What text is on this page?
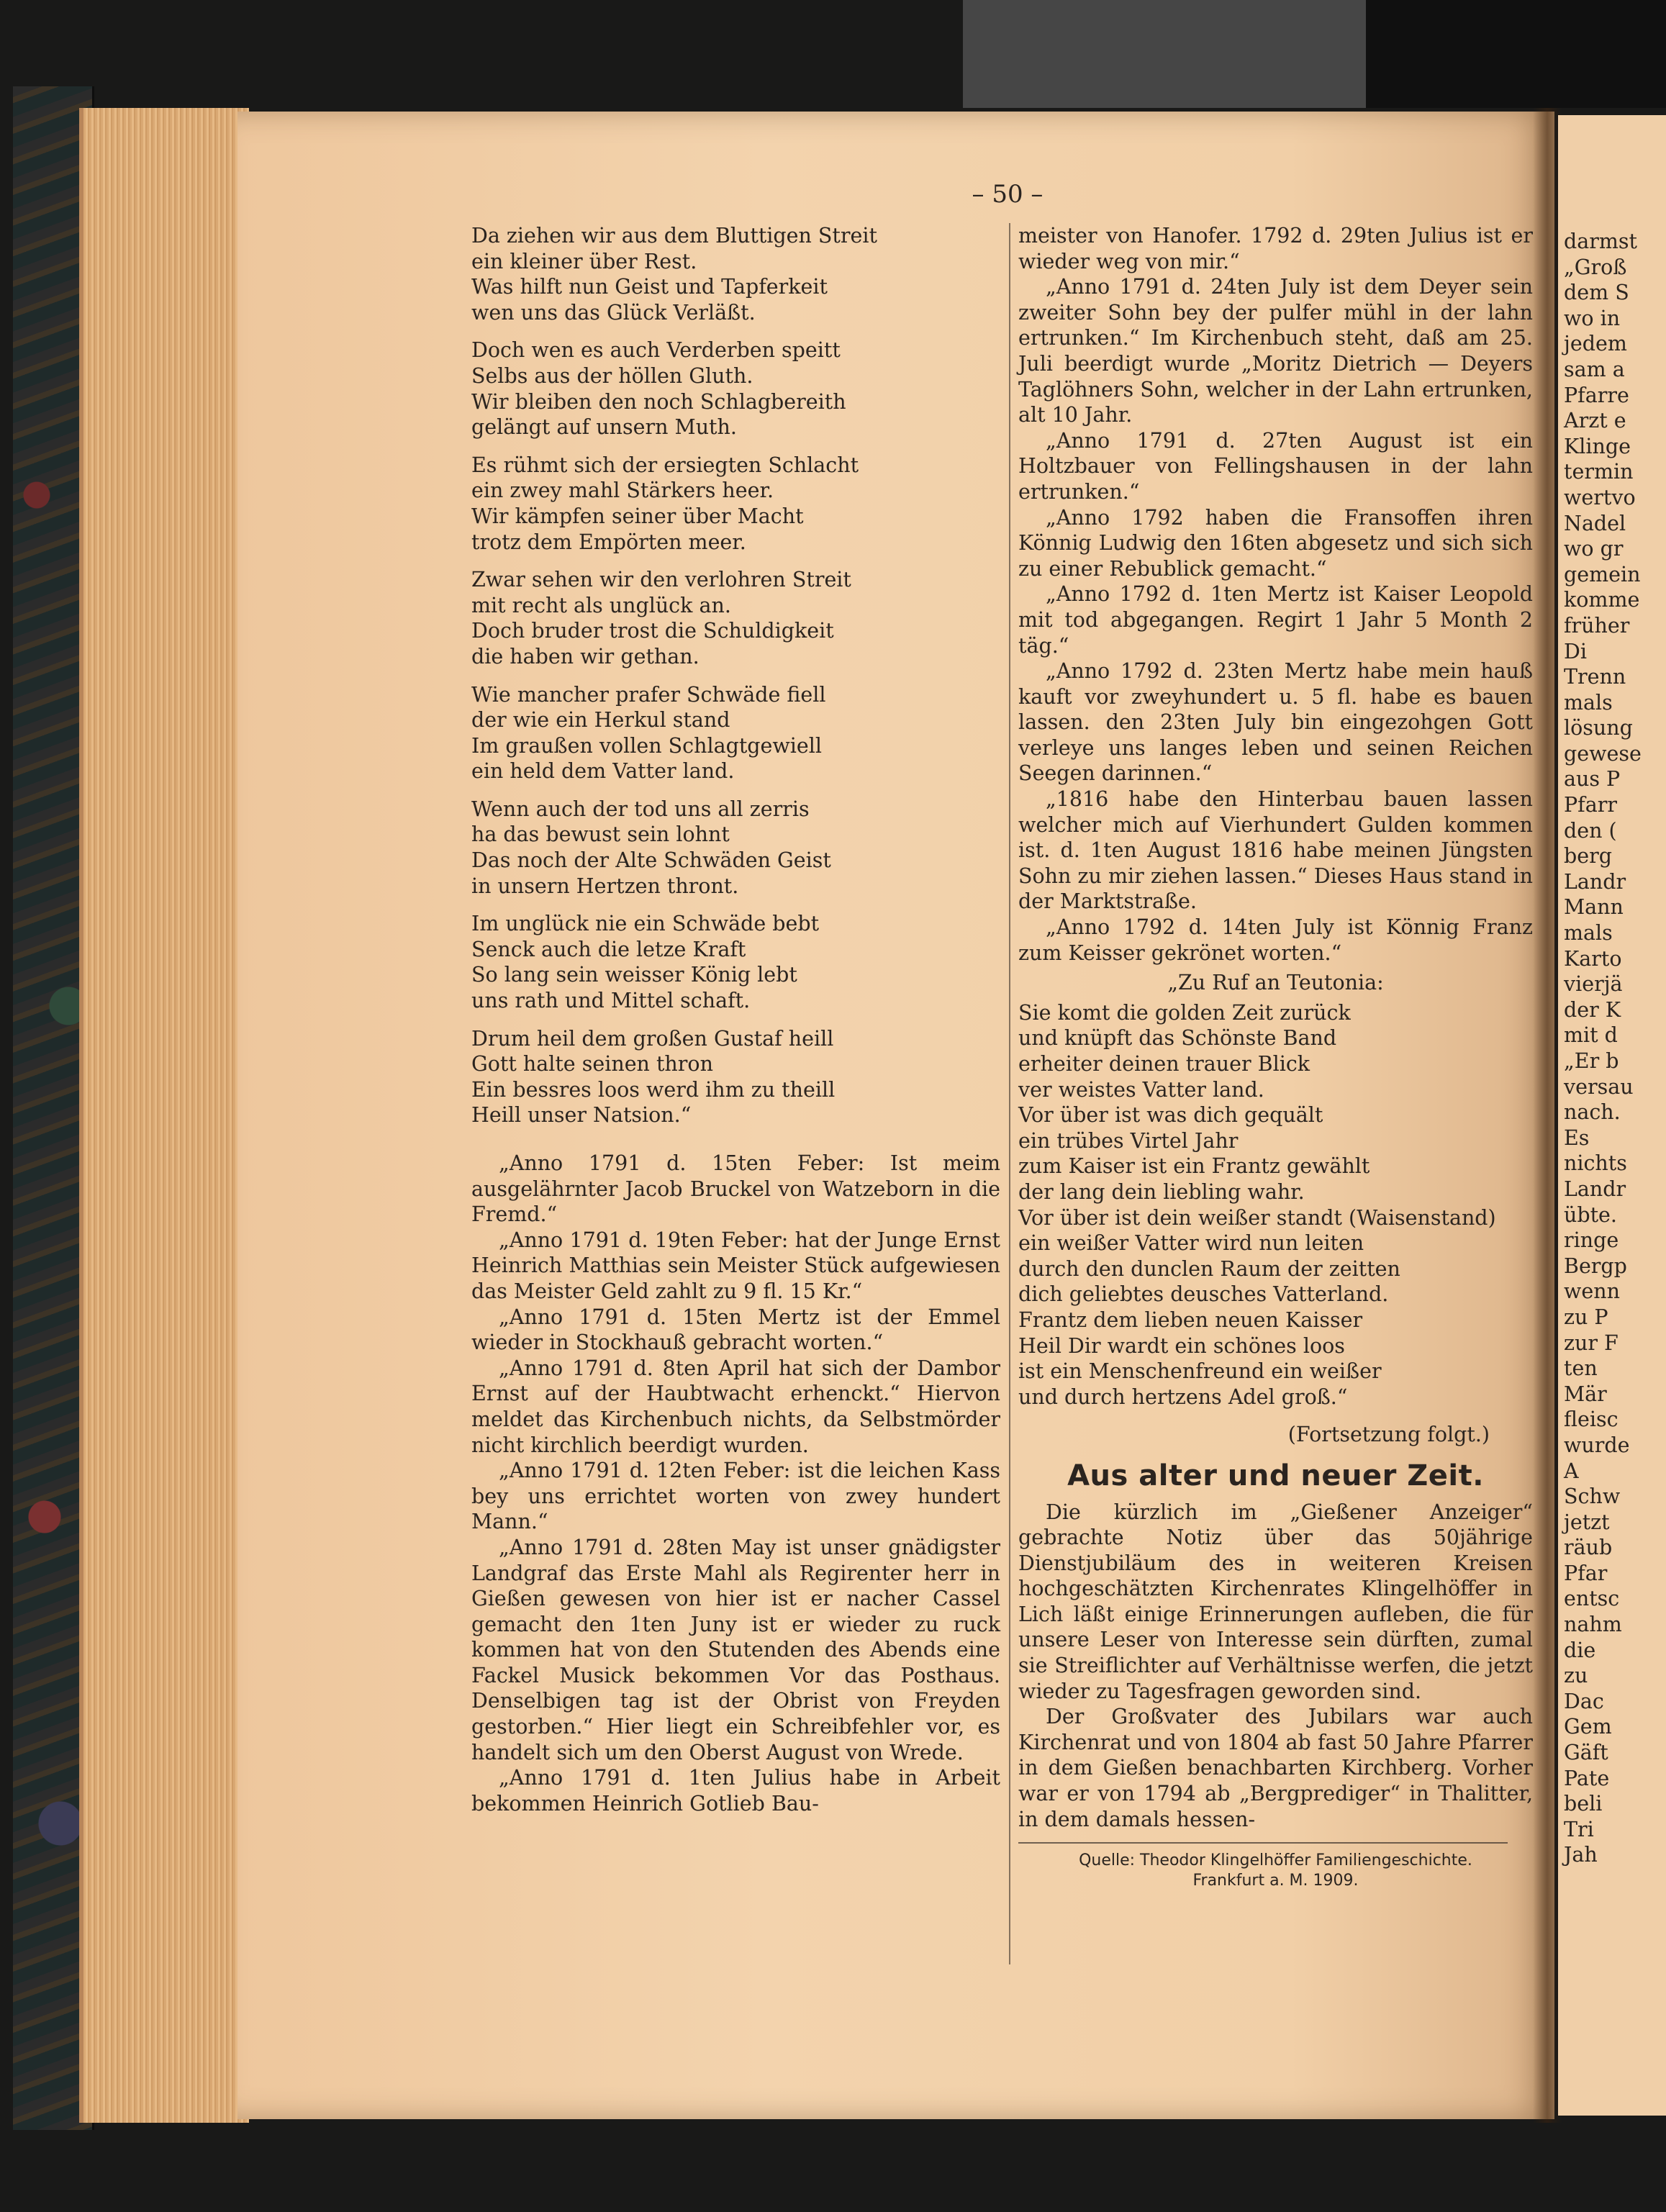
– 50 –
Da ziehen wir aus dem Bluttigen Streit
ein kleiner über Rest.
Was hilft nun Geist und Tapferkeit
wen uns das Glück Verläßt.
Doch wen es auch Verderben speitt
Selbs aus der höllen Gluth.
Wir bleiben den noch Schlagbereith
gelängt auf unsern Muth.
Es rühmt sich der ersiegten Schlacht
ein zwey mahl Stärkers heer.
Wir kämpfen seiner über Macht
trotz dem Empörten meer.
Zwar sehen wir den verlohren Streit
mit recht als unglück an.
Doch bruder trost die Schuldigkeit
die haben wir gethan.
Wie mancher prafer Schwäde fiell
der wie ein Herkul stand
Im graußen vollen Schlagtgewiell
ein held dem Vatter land.
Wenn auch der tod uns all zerris
ha das bewust sein lohnt
Das noch der Alte Schwäden Geist
in unsern Hertzen thront.
Im unglück nie ein Schwäde bebt
Senck auch die letze Kraft
So lang sein weisser König lebt
uns rath und Mittel schaft.
Drum heil dem großen Gustaf heill
Gott halte seinen thron
Ein bessres loos werd ihm zu theill
Heill unser Natsion.“

„Anno 1791 d. 15ten Feber: Ist meim ausgelährnter Jacob Bruckel von Watzeborn in die Fremd.“

„Anno 1791 d. 19ten Feber: hat der Junge Ernst Heinrich Matthias sein Meister Stück aufgewiesen das Meister Geld zahlt zu 9 fl. 15 Kr.“

„Anno 1791 d. 15ten Mertz ist der Emmel wieder in Stockhauß gebracht worten.“

„Anno 1791 d. 8ten April hat sich der Dambor Ernst auf der Haubtwacht erhenckt.“ Hiervon meldet das Kirchenbuch nichts, da Selbstmörder nicht kirchlich beerdigt wurden.

„Anno 1791 d. 12ten Feber: ist die leichen Kass bey uns errichtet worten von zwey hundert Mann.“

„Anno 1791 d. 28ten May ist unser gnädigster Landgraf das Erste Mahl als Regirenter herr in Gießen gewesen von hier ist er nacher Cassel gemacht den 1ten Juny ist er wieder zu ruck kommen hat von den Stutenden des Abends eine Fackel Musick bekommen Vor das Posthaus. Denselbigen tag ist der Obrist von Freyden gestorben.“ Hier liegt ein Schreibfehler vor, es handelt sich um den Oberst August von Wrede.

„Anno 1791 d. 1ten Julius habe in Arbeit bekommen Heinrich Gotlieb Bau-

meister von Hanofer. 1792 d. 29ten Julius ist er wieder weg von mir.“

„Anno 1791 d. 24ten July ist dem Deyer sein zweiter Sohn bey der pulfer mühl in der lahn ertrunken.“ Im Kirchenbuch steht, daß am 25. Juli beerdigt wurde „Moritz Dietrich — Deyers Taglöhners Sohn, welcher in der Lahn ertrunken, alt 10 Jahr.

„Anno 1791 d. 27ten August ist ein Holtzbauer von Fellingshausen in der lahn ertrunken.“

„Anno 1792 haben die Fransoffen ihren Könnig Ludwig den 16ten abgesetz und sich sich zu einer Rebublick gemacht.“

„Anno 1792 d. 1ten Mertz ist Kaiser Leopold mit tod abgegangen. Regirt 1 Jahr 5 Month 2 täg.“

„Anno 1792 d. 23ten Mertz habe mein hauß kauft vor zweyhundert u. 5 fl. habe es bauen lassen. den 23ten July bin eingezohgen Gott verleye uns langes leben und seinen Reichen Seegen darinnen.“

„1816 habe den Hinterbau bauen lassen welcher mich auf Vierhundert Gulden kommen ist. d. 1ten August 1816 habe meinen Jüngsten Sohn zu mir ziehen lassen.“ Dieses Haus stand in der Marktstraße.

„Anno 1792 d. 14ten July ist Könnig Franz zum Keisser gekrönet worten.“

„Zu Ruf an Teutonia:
Sie komt die golden Zeit zurück
und knüpft das Schönste Band
erheiter deinen trauer Blick
ver weistes Vatter land.
Vor über ist was dich gequält
ein trübes Virtel Jahr
zum Kaiser ist ein Frantz gewählt
der lang dein liebling wahr.
Vor über ist dein weißer standt (Waisenstand)
ein weißer Vatter wird nun leiten
durch den dunclen Raum der zeitten
dich geliebtes deusches Vatterland.
Frantz dem lieben neuen Kaisser
Heil Dir wardt ein schönes loos
ist ein Menschenfreund ein weißer
und durch hertzens Adel groß.“
(Fortsetzung folgt.)
Aus alter und neuer Zeit.

Die kürzlich im „Gießener Anzeiger“ gebrachte Notiz über das 50jährige Dienstjubiläum des in weiteren Kreisen hochgeschätzten Kirchenrates Klingelhöffer in Lich läßt einige Erinnerungen aufleben, die für unsere Leser von Interesse sein dürften, zumal sie Streiflichter auf Verhältnisse werfen, die jetzt wieder zu Tagesfragen geworden sind.

Der Großvater des Jubilars war auch Kirchenrat und von 1804 ab fast 50 Jahre Pfarrer in dem Gießen benachbarten Kirchberg. Vorher war er von 1794 ab „Bergprediger“ in Thalitter, in dem damals hessen-

Quelle: Theodor Klingelhöffer Familiengeschichte.
Frankfurt a. M. 1909.
darmst
„Groß
dem S
wo in
jedem
sam a
Pfarre
Arzt e
Klinge
termin
wertvo
Nadel
wo gr
gemein
komme
früher
Di
Trenn
mals
lösung
gewese
aus P
Pfarr
den (
berg
Landr
Mann
mals
Karto
vierjä
der K
mit d
„Er b
versau
nach.
Es
nichts
Landr
übte.
ringe
Bergp
wenn
zu P
zur F
ten
Mär
fleisc
wurde
A
Schw
jetzt
räub
Pfar
entsc
nahm
die
zu
Dac
Gem
Gäft
Pate
beli
Tri
Jah
